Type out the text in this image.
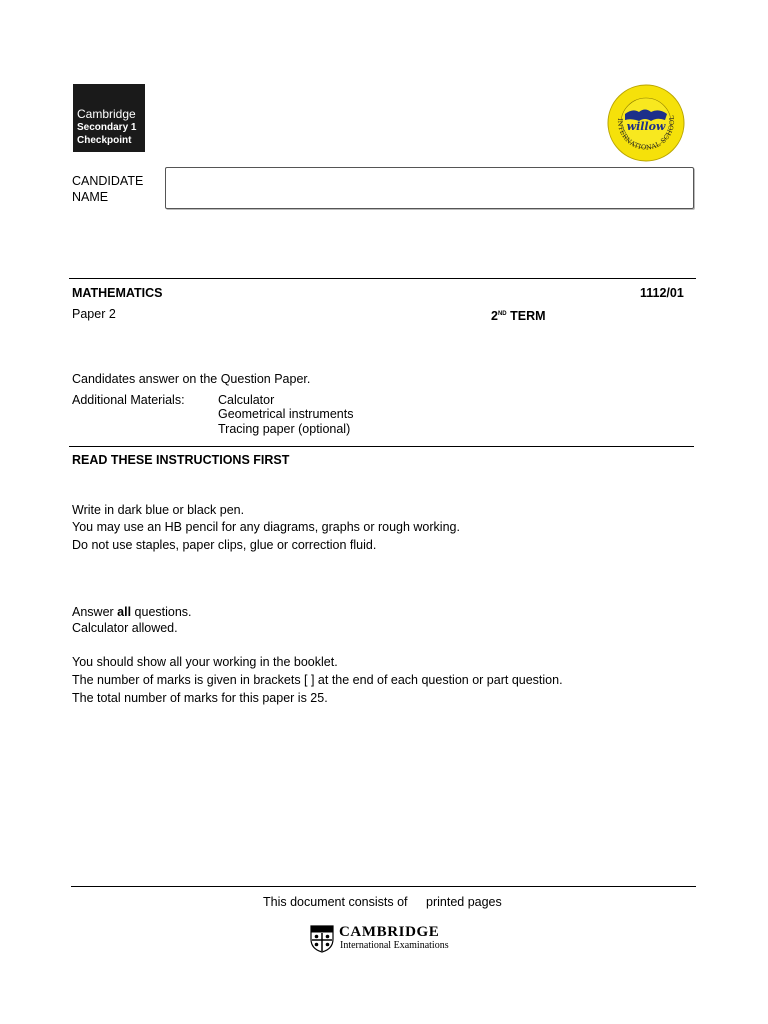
Cambridge
Secondary 1
Checkpoint
willow
INTERNATIONAL SCHOOL
CANDIDATE
NAME
MATHEMATICS	1112/01
Paper 2	2ND TERM
Candidates answer on the Question Paper.
Additional Materials:	Calculator
Geometrical instruments
Tracing paper (optional)
READ THESE INSTRUCTIONS FIRST
Write in dark blue or black pen.
You may use an HB pencil for any diagrams, graphs or rough working.
Do not use staples, paper clips, glue or correction fluid.
Answer all questions.
Calculator allowed.
You should show all your working in the booklet.
The number of marks is given in brackets [ ] at the end of each question or part question.
The total number of marks for this paper is 25.
This document consists of printed pages
CAMBRIDGE
International Examinations
